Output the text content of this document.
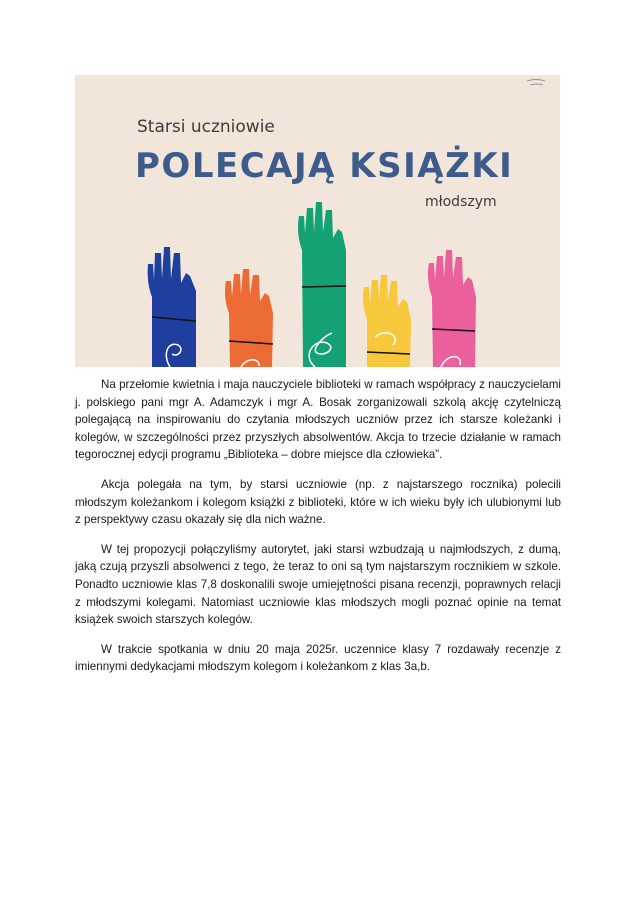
Starsi uczniowie
POLECAJĄ KSIĄŻKI
młodszym

Na przełomie kwietnia i maja nauczyciele biblioteki w ramach współpracy z nauczycielami j. polskiego pani mgr A. Adamczyk i mgr A. Bosak zorganizowali szkolą akcję czytelniczą polegającą na inspirowaniu do czytania młodszych uczniów przez ich starsze koleżanki i kolegów, w szczególności przez przyszłych absolwentów. Akcja to trzecie działanie w ramach tegorocznej edycji programu „Biblioteka – dobre miejsce dla człowieka”.

Akcja polegała na tym, by starsi uczniowie (np. z najstarszego rocznika) polecili młodszym koleżankom i kolegom książki z biblioteki, które w ich wieku były ich ulubionymi lub z perspektywy czasu okazały się dla nich ważne.

W tej propozycji połączyliśmy autorytet, jaki starsi wzbudzają u najmłodszych, z dumą, jaką czują przyszli absolwenci z tego, że teraz to oni są tym najstarszym rocznikiem w szkole. Ponadto uczniowie klas 7,8 doskonalili swoje umiejętności pisana recenzji, poprawnych relacji z młodszymi kolegami. Natomiast uczniowie klas młodszych mogli poznać opinie na temat książek swoich starszych kolegów.

W trakcie spotkania w dniu 20 maja 2025r. uczennice klasy 7 rozdawały recenzje z imiennymi dedykacjami młodszym kolegom i koleżankom z klas 3a,b.
